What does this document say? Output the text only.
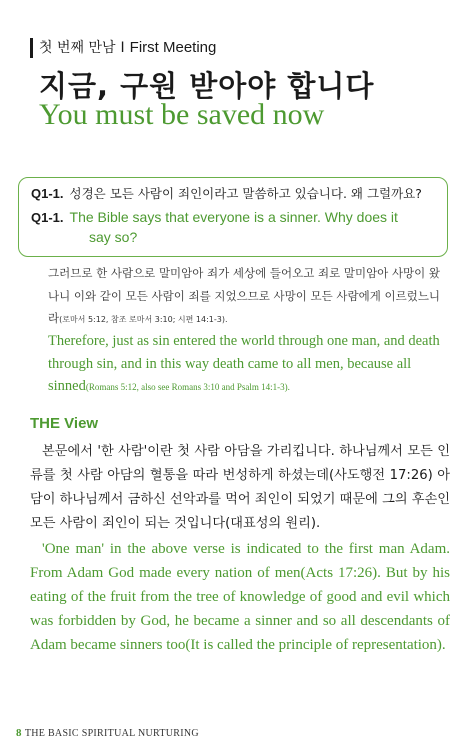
첫 번째 만남 I First Meeting
지금, 구원 받아야 합니다
You must be saved now
Q1-1. 성경은 모든 사람이 죄인이라고 말씀하고 있습니다. 왜 그럴까요?
Q1-1. The Bible says that everyone is a sinner. Why does it
say so?
그러므로 한 사람으로 말미암아 죄가 세상에 들어오고 죄로 말미암아 사망이 왔나니 이와 같이 모든 사람이 죄를 지었으므로 사망이 모든 사람에게 이르렀느니라(로마서 5:12, 참조 로마서 3:10; 시편 14:1-3).
Therefore, just as sin entered the world through one man, and death through sin, and in this way death came to all men, because all sinned(Romans 5:12, also see Romans 3:10 and Psalm 14:1-3).
THE View
본문에서 '한 사람'이란 첫 사람 아담을 가리킵니다. 하나님께서 모든 인류를 첫 사람 아담의 혈통을 따라 번성하게 하셨는데(사도행전 17:26) 아담이 하나님께서 금하신 선악과를 먹어 죄인이 되었기 때문에 그의 후손인 모든 사람이 죄인이 되는 것입니다(대표성의 원리).
'One man' in the above verse is indicated to the first man Adam. From Adam God made every nation of men(Acts 17:26). But by his eating of the fruit from the tree of knowledge of good and evil which was forbidden by God, he became a sinner and so all descendants of Adam became sinners too(It is called the principle of representation).
8 THE BASIC SPIRITUAL NURTURING
